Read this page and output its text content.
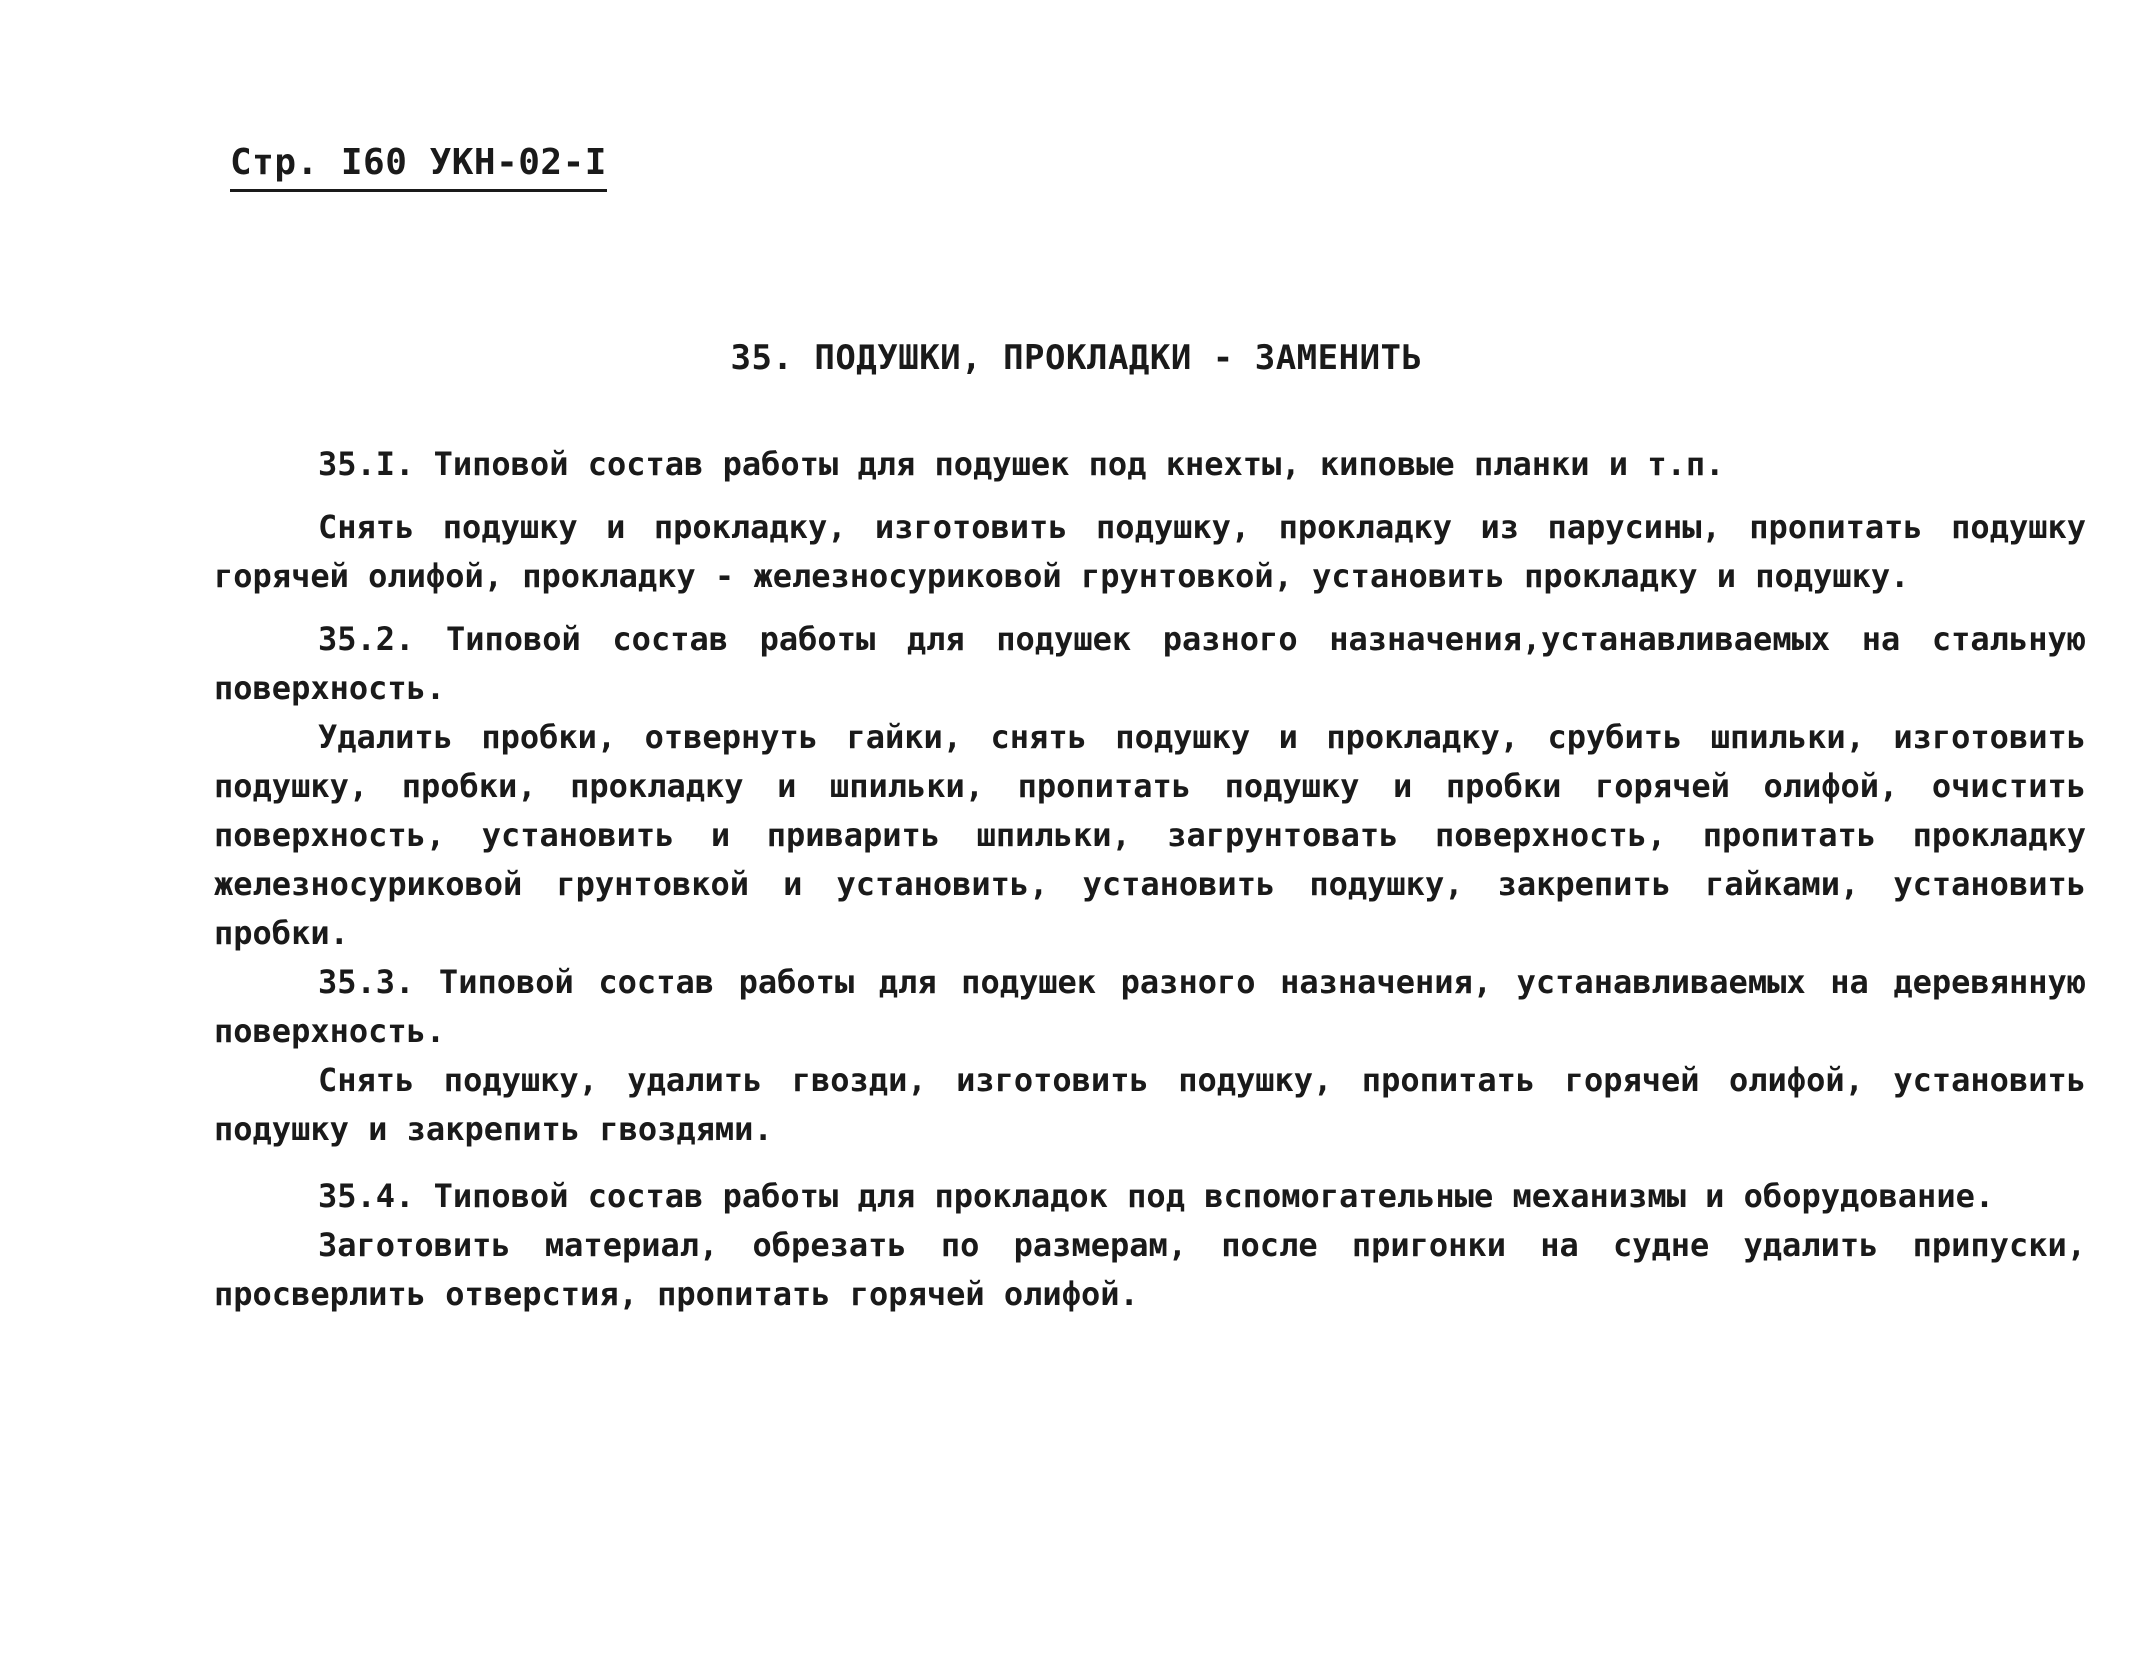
Стр. I60 УКН-02-I
35. ПОДУШКИ, ПРОКЛАДКИ - ЗАМЕНИТЬ

35.I. Типовой состав работы для подушек под кнехты, киповые планки и т.п.

Снять подушку и прокладку, изготовить подушку, прокладку из парусины, пропитать подушку горячей олифой, прокладку - железносуриковой грунтовкой, установить прокладку и подушку.

35.2. Типовой состав работы для подушек разного назначения,устанавливаемых на стальную поверхность.

Удалить пробки, отвернуть гайки, снять подушку и прокладку, срубить шпильки, изготовить подушку, пробки, прокладку и шпильки, пропитать подушку и пробки горячей олифой, очистить поверхность, установить и приварить шпильки, загрунтовать поверхность, пропитать прокладку железносуриковой грунтовкой и установить, установить подушку, закрепить гайками, установить пробки.

35.3. Типовой состав работы для подушек разного назначения, устанавливаемых на деревянную поверхность.

Снять подушку, удалить гвозди, изготовить подушку, пропитать горячей олифой, установить подушку и закрепить гвоздями.

35.4. Типовой состав работы для прокладок под вспомогательные механизмы и оборудование.

Заготовить материал, обрезать по размерам, после пригонки на судне удалить припуски, просверлить отверстия, пропитать горячей олифой.
